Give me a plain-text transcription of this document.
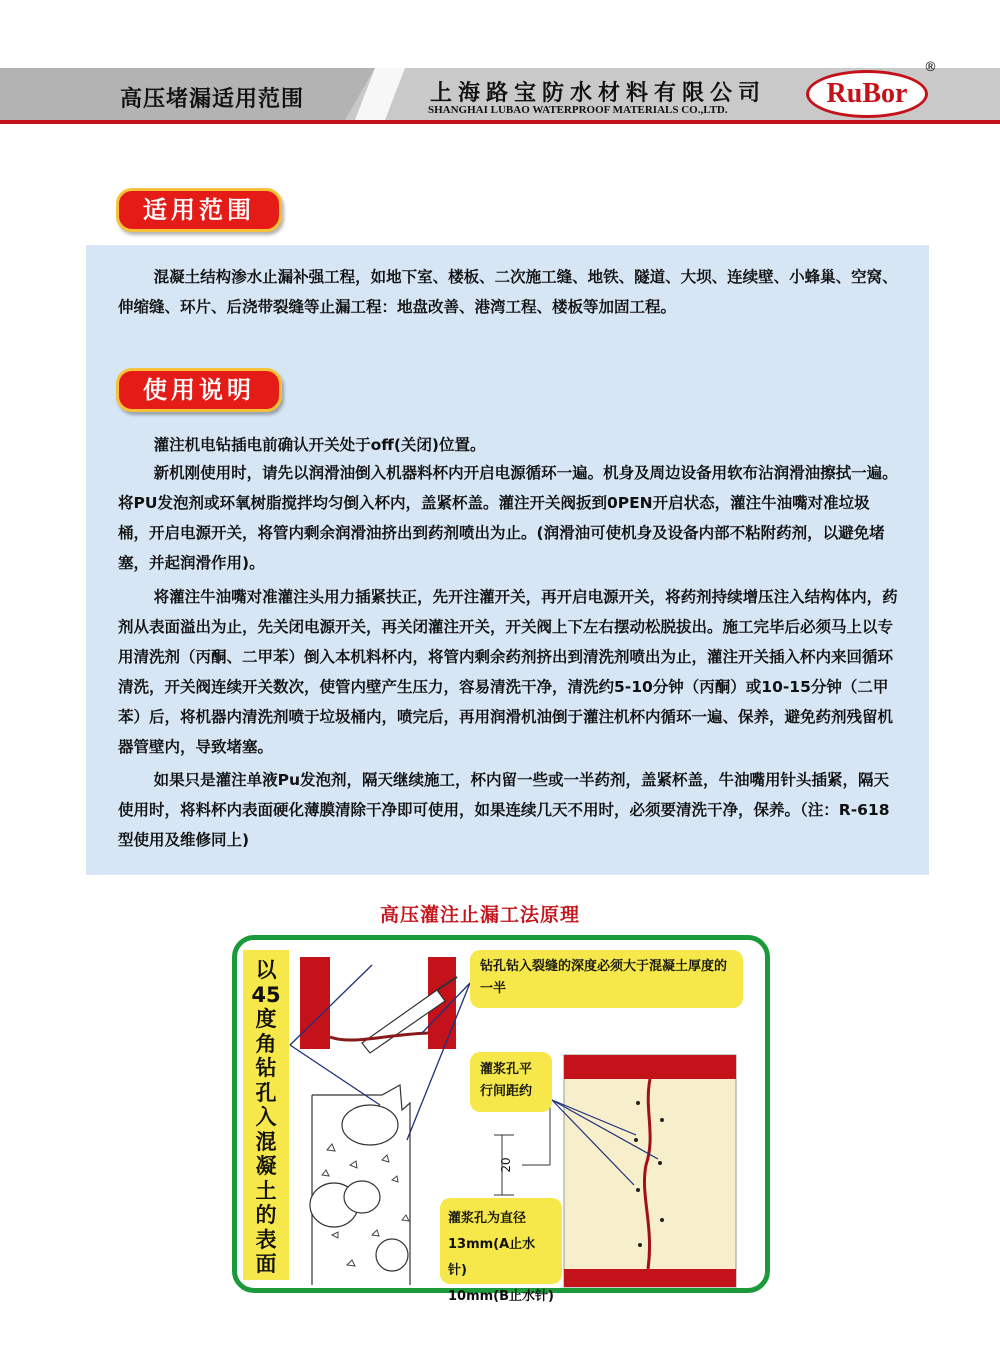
高压堵漏适用范围	上海路宝防水材料有限公司
SHANGHAI LUBAO WATERPROOF MATERIALS CO.,LTD.
RuBor
®
适用范围
混凝土结构渗水止漏补强工程，如地下室、楼板、二次施工缝、地铁、隧道、大坝、连续壁、小蜂巢、空窝、伸缩缝、环片、后浇带裂缝等止漏工程：地盘改善、港湾工程、楼板等加固工程。
使用说明
灌注机电钻插电前确认开关处于off(关闭)位置。
新机刚使用时，请先以润滑油倒入机器料杯内开启电源循环一遍。机身及周边设备用软布沾润滑油擦拭一遍。将PU发泡剂或环氧树脂搅拌均匀倒入杯内，盖紧杯盖。灌注开关阀扳到0PEN开启状态，灌注牛油嘴对准垃圾桶，开启电源开关，将管内剩余润滑油挤出到药剂喷出为止。(润滑油可使机身及设备内部不粘附药剂，以避免堵塞，并起润滑作用)。
将灌注牛油嘴对准灌注头用力插紧扶正，先开注灌开关，再开启电源开关，将药剂持续增压注入结构体内，药剂从表面溢出为止，先关闭电源开关，再关闭灌注开关，开关阀上下左右摆动松脱拔出。施工完毕后必须马上以专用清洗剂（丙酮、二甲苯）倒入本机料杯内，将管内剩余药剂挤出到清洗剂喷出为止，灌注开关插入杯内来回循环清洗，开关阀连续开关数次，使管内壁产生压力，容易清洗干净，清洗约5-10分钟（丙酮）或10-15分钟（二甲苯）后，将机器内清洗剂喷于垃圾桶内，喷完后，再用润滑机油倒于灌注机杯内循环一遍、保养，避免药剂残留机器管壁内，导致堵塞。
如果只是灌注单液Pu发泡剂，隔天继续施工，杯内留一些或一半药剂，盖紧杯盖，牛油嘴用针头插紧，隔天使用时，将料杯内表面硬化薄膜清除干净即可使用，如果连续几天不用时，必须要清洗干净，保养。（注：R-618型使用及维修同上)
高压灌注止漏工法原理
20
以45度角钻孔入混凝土的表面
钻孔钻入裂缝的深度必须大于混凝土厚度的一半
灌浆孔平
行间距约
灌浆孔为直径
13mm(A止水针)
10mm(B止水针)
